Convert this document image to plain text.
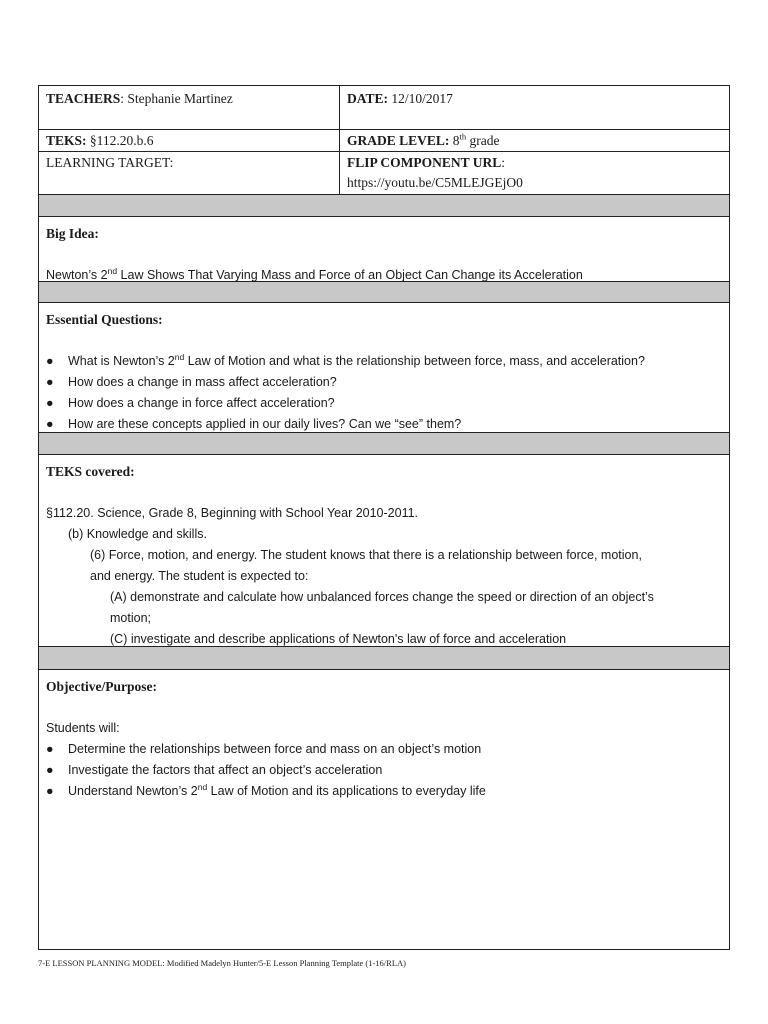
TEACHERS: Stephanie Martinez	DATE: 12/10/2017
TEKS: §112.20.b.6	GRADE LEVEL: 8th grade
LEARNING TARGET:	FLIP COMPONENT URL:
https://youtu.be/C5MLEJGEjO0
Big Idea:
Newton’s 2nd Law Shows That Varying Mass and Force of an Object Can Change its Acceleration
Essential Questions:
●	What is Newton’s 2nd Law of Motion and what is the relationship between force, mass, and acceleration?
●	How does a change in mass affect acceleration?
●	How does a change in force affect acceleration?
●	How are these concepts applied in our daily lives? Can we “see” them?
TEKS covered:
§112.20. Science, Grade 8, Beginning with School Year 2010-2011.
(b) Knowledge and skills.
(6) Force, motion, and energy. The student knows that there is a relationship between force, motion,
and energy. The student is expected to:
(A) demonstrate and calculate how unbalanced forces change the speed or direction of an object’s
motion;
(C) investigate and describe applications of Newton's law of force and acceleration
Objective/Purpose:
Students will:
●	Determine the relationships between force and mass on an object’s motion
●	Investigate the factors that affect an object’s acceleration
●	Understand Newton’s 2nd Law of Motion and its applications to everyday life
7-E LESSON PLANNING MODEL: Modified Madelyn Hunter/5-E Lesson Planning Template (1-16/RLA)
